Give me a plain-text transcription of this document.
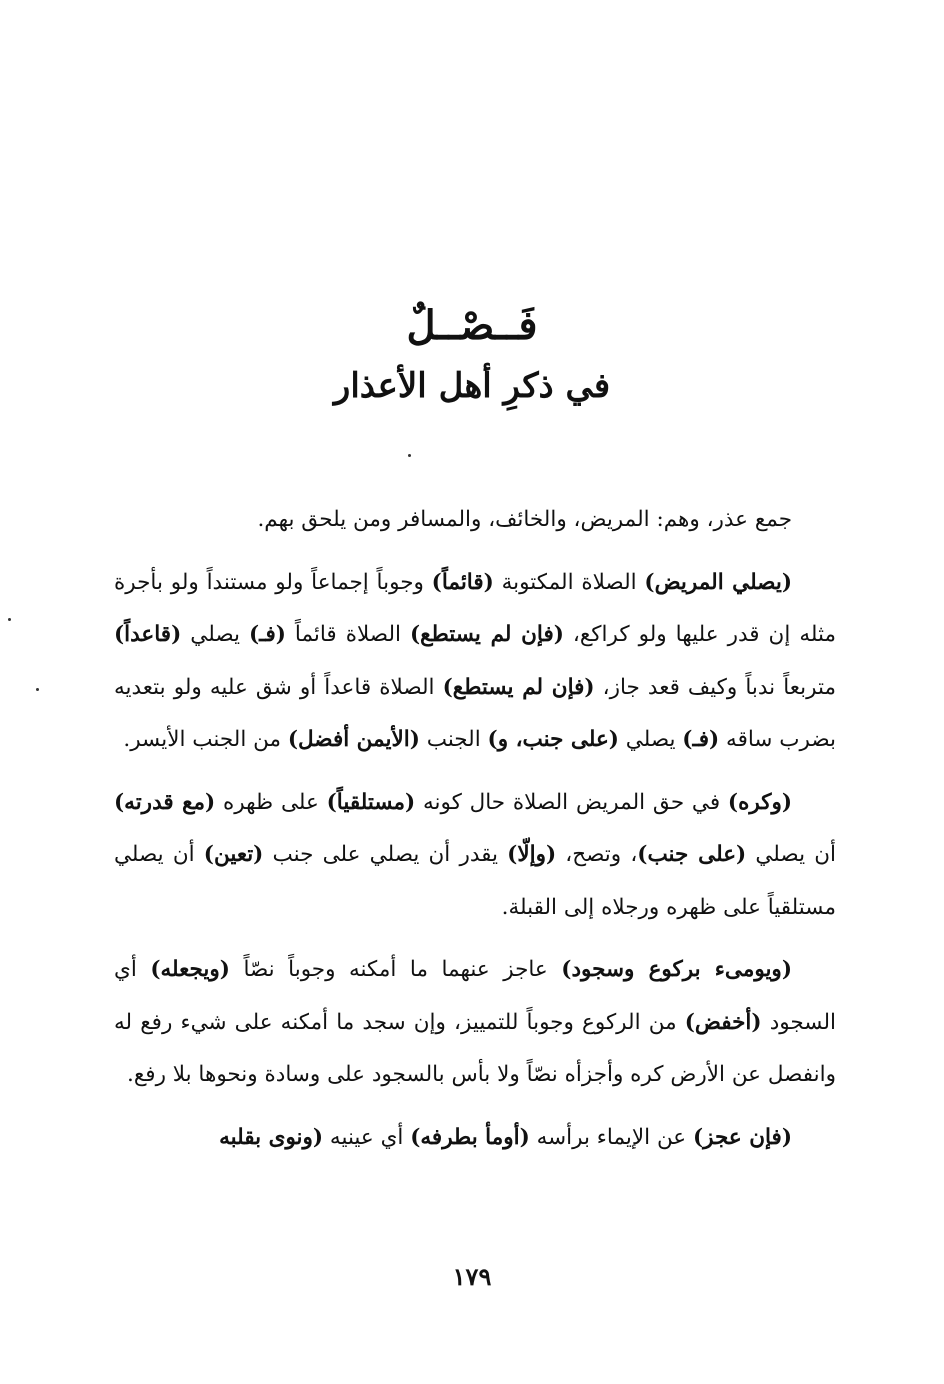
فَــصْــلٌ
في ذكرِ أهل الأعذار

جمع عذر، وهم: المريض، والخائف، والمسافر ومن يلحق بهم.

(يصلي المريض) الصلاة المكتوبة (قائماً) وجوباً إجماعاً ولو مستنداً ولو بأجرة مثله إن قدر عليها ولو كراكع، (فإن لم يستطع) الصلاة قائماً (فـ) يصلي (قاعداً) متربعاً ندباً وكيف قعد جاز، (فإن لم يستطع) الصلاة قاعداً أو شق عليه ولو بتعديه بضرب ساقه (فـ) يصلي (على جنب، و) الجنب (الأيمن أفضل) من الجنب الأيسر.

(وكره) في حق المريض الصلاة حال كونه (مستلقياً) على ظهره (مع قدرته) أن يصلي (على جنب)، وتصح، (وإلّا) يقدر أن يصلي على جنب (تعين) أن يصلي مستلقياً على ظهره ورجلاه إلى القبلة.

(ويومىء بركوع وسجود) عاجز عنهما ما أمكنه وجوباً نصّاً (ويجعله) أي السجود (أخفض) من الركوع وجوباً للتمييز، وإن سجد ما أمكنه على شيء رفع له وانفصل عن الأرض كره وأجزأه نصّاً ولا بأس بالسجود على وسادة ونحوها بلا رفع.

(فإن عجز) عن الإيماء برأسه (أومأ بطرفه) أي عينيه (ونوى بقلبه

١٧٩
